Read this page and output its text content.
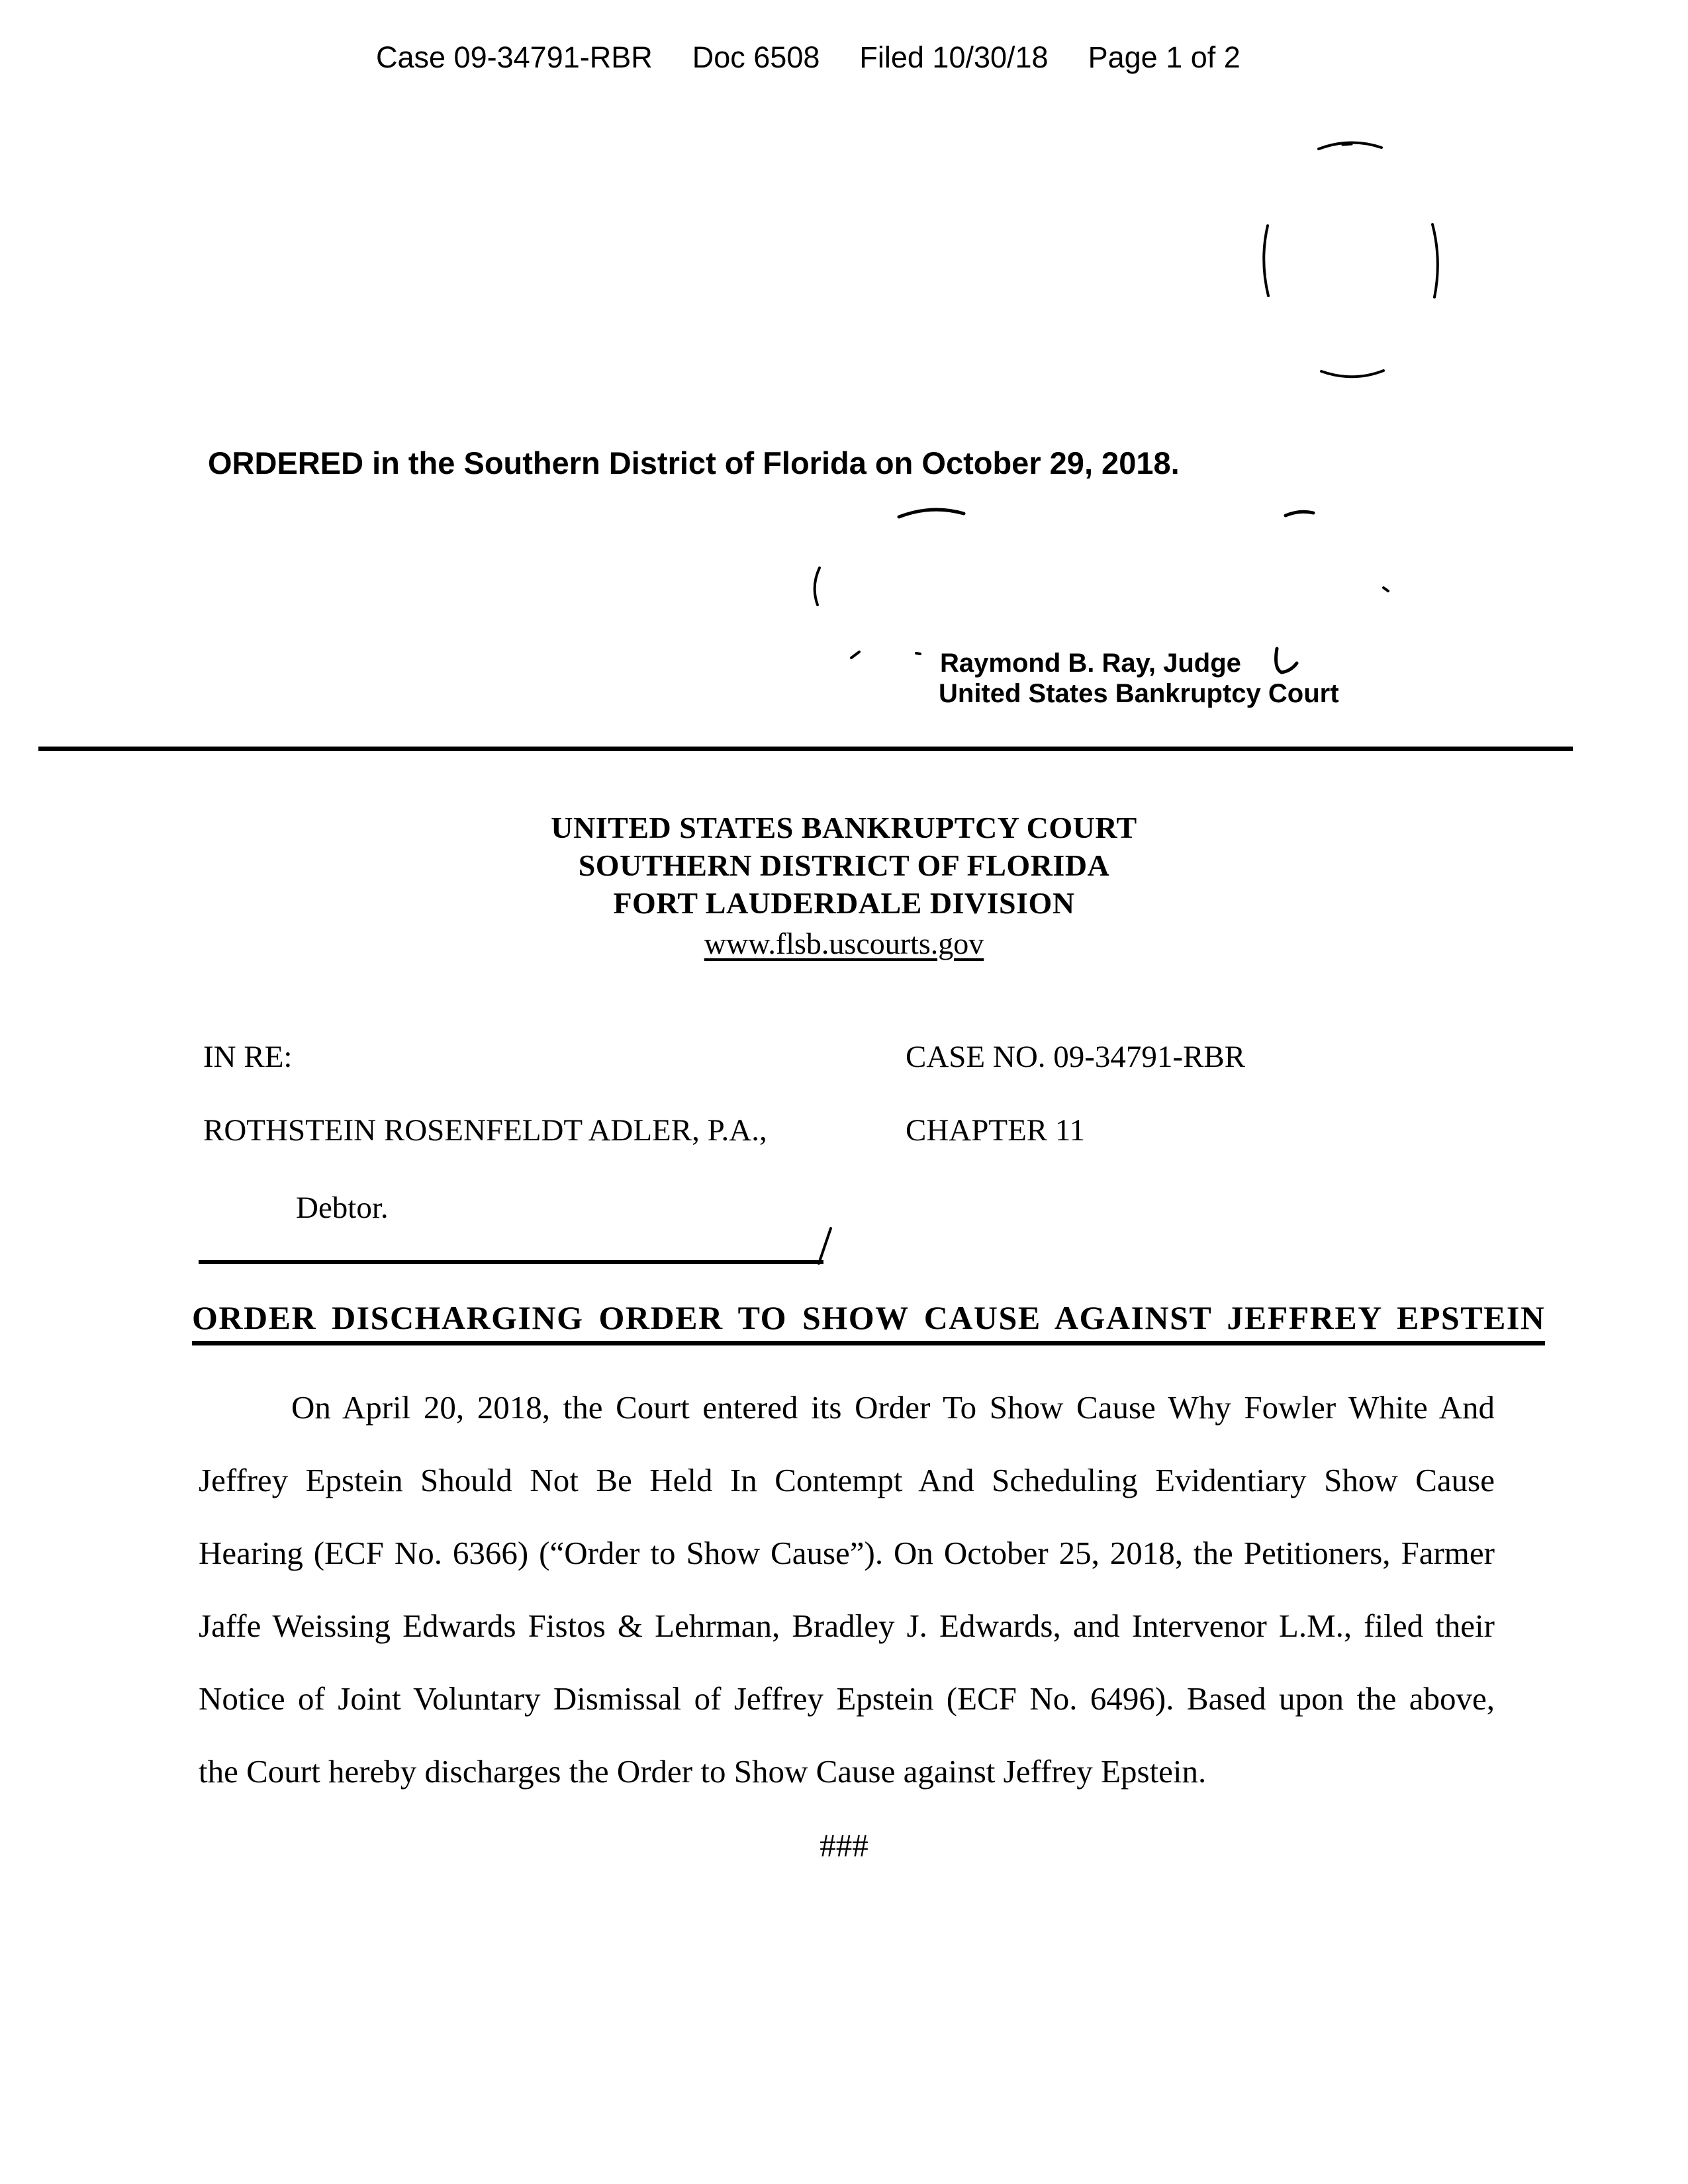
Case 09-34791-RBR Doc 6508 Filed 10/30/18 Page 1 of 2
ORDERED in the Southern District of Florida on October 29, 2018.
Raymond B. Ray, Judge
United States Bankruptcy Court
UNITED STATES BANKRUPTCY COURT
SOUTHERN DISTRICT OF FLORIDA
FORT LAUDERDALE DIVISION
www.flsb.uscourts.gov
IN RE:	CASE NO. 09-34791-RBR
ROTHSTEIN ROSENFELDT ADLER, P.A.,	CHAPTER 11
Debtor.
ORDER DISCHARGING ORDER TO SHOW CAUSE AGAINST JEFFREY EPSTEIN
On April 20, 2018, the Court entered its Order To Show Cause Why Fowler White And
Jeffrey Epstein Should Not Be Held In Contempt And Scheduling Evidentiary Show Cause
Hearing (ECF No. 6366) (“Order to Show Cause”). On October 25, 2018, the Petitioners, Farmer
Jaffe Weissing Edwards Fistos & Lehrman, Bradley J. Edwards, and Intervenor L.M., filed their
Notice of Joint Voluntary Dismissal of Jeffrey Epstein (ECF No. 6496). Based upon the above,
the Court hereby discharges the Order to Show Cause against Jeffrey Epstein.
###
